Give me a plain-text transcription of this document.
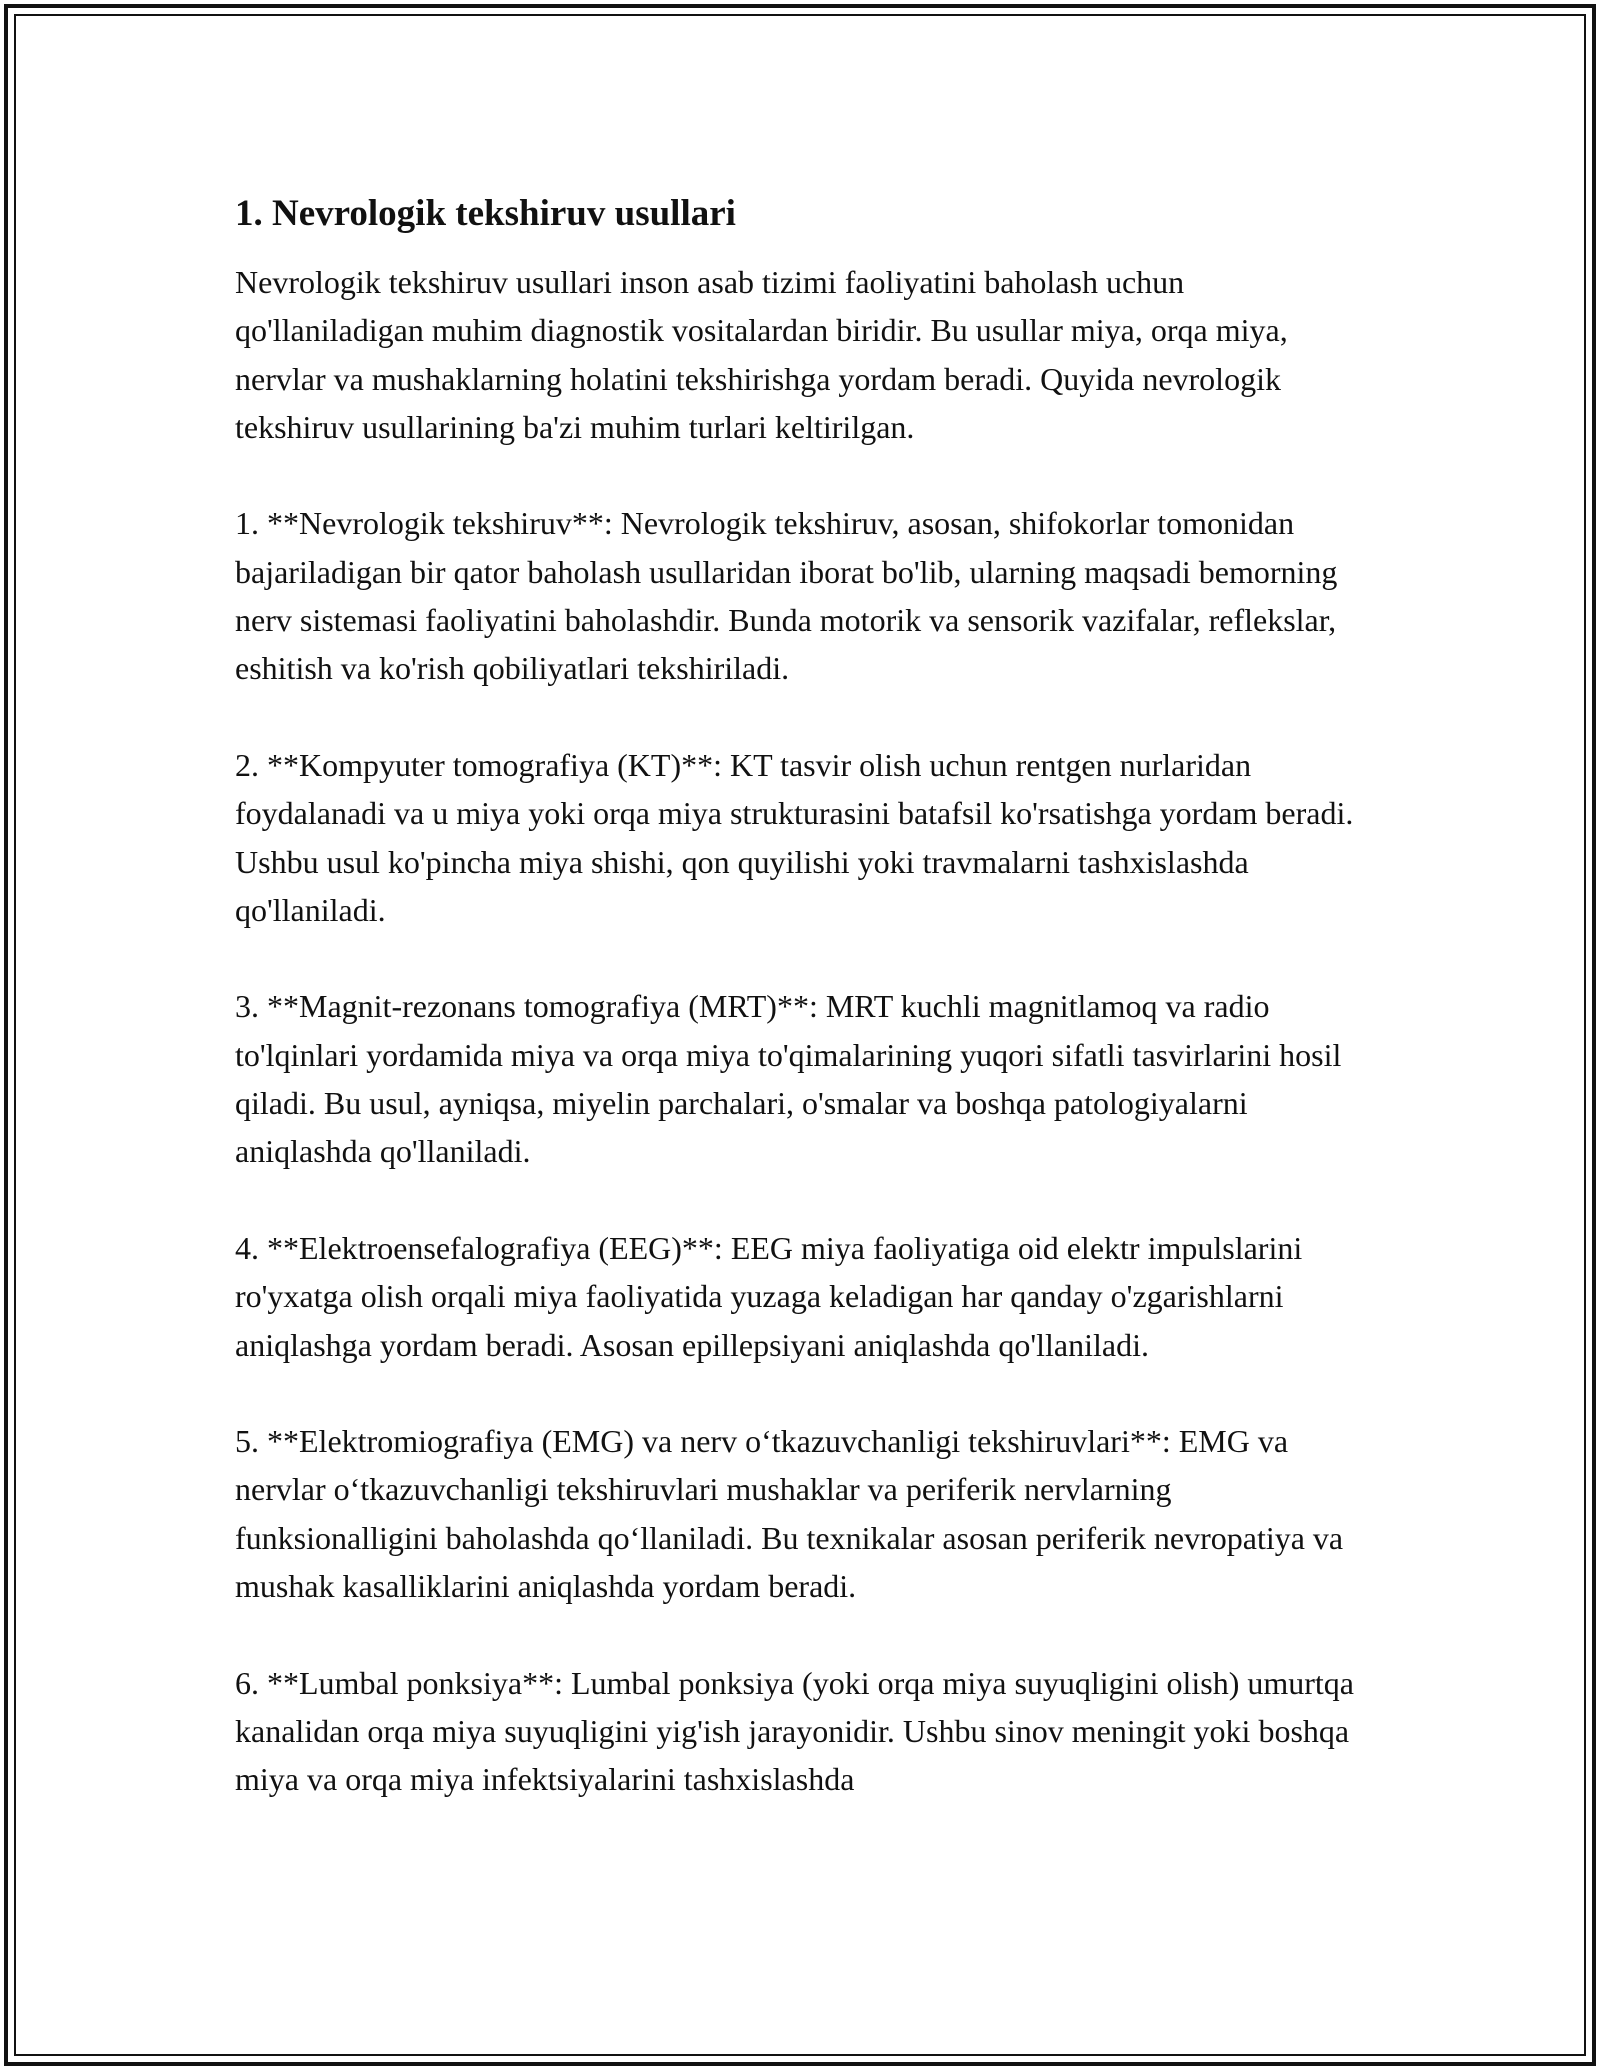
1. Nevrologik tekshiruv usullari

Nevrologik tekshiruv usullari inson asab tizimi faoliyatini baholash uchun qo'llaniladigan muhim diagnostik vositalardan biridir. Bu usullar miya, orqa miya, nervlar va mushaklarning holatini tekshirishga yordam beradi. Quyida nevrologik tekshiruv usullarining ba'zi muhim turlari keltirilgan.

1. **Nevrologik tekshiruv**: Nevrologik tekshiruv, asosan, shifokorlar tomonidan bajariladigan bir qator baholash usullaridan iborat bo'lib, ularning maqsadi bemorning nerv sistemasi faoliyatini baholashdir. Bunda motorik va sensorik vazifalar, reflekslar, eshitish va ko'rish qobiliyatlari tekshiriladi.

2. **Kompyuter tomografiya (KT)**: KT tasvir olish uchun rentgen nurlaridan foydalanadi va u miya yoki orqa miya strukturasini batafsil ko'rsatishga yordam beradi. Ushbu usul ko'pincha miya shishi, qon quyilishi yoki travmalarni tashxislashda qo'llaniladi.

3. **Magnit-rezonans tomografiya (MRT)**: MRT kuchli magnitlamoq va radio to'lqinlari yordamida miya va orqa miya to'qimalarining yuqori sifatli tasvirlarini hosil qiladi. Bu usul, ayniqsa, miyelin parchalari, o'smalar va boshqa patologiyalarni aniqlashda qo'llaniladi.

4. **Elektroensefalografiya (EEG)**: EEG miya faoliyatiga oid elektr impulslarini ro'yxatga olish orqali miya faoliyatida yuzaga keladigan har qanday o'zgarishlarni aniqlashga yordam beradi. Asosan epillepsiyani aniqlashda qo'llaniladi.

5. **Elektromiografiya (EMG) va nerv o‘tkazuvchanligi tekshiruvlari**: EMG va nervlar o‘tkazuvchanligi tekshiruvlari mushaklar va periferik nervlarning funksionalligini baholashda qo‘llaniladi. Bu texnikalar asosan periferik nevropatiya va mushak kasalliklarini aniqlashda yordam beradi.

6. **Lumbal ponksiya**: Lumbal ponksiya (yoki orqa miya suyuqligini olish) umurtqa kanalidan orqa miya suyuqligini yig'ish jarayonidir. Ushbu sinov meningit yoki boshqa miya va orqa miya infektsiyalarini tashxislashda
